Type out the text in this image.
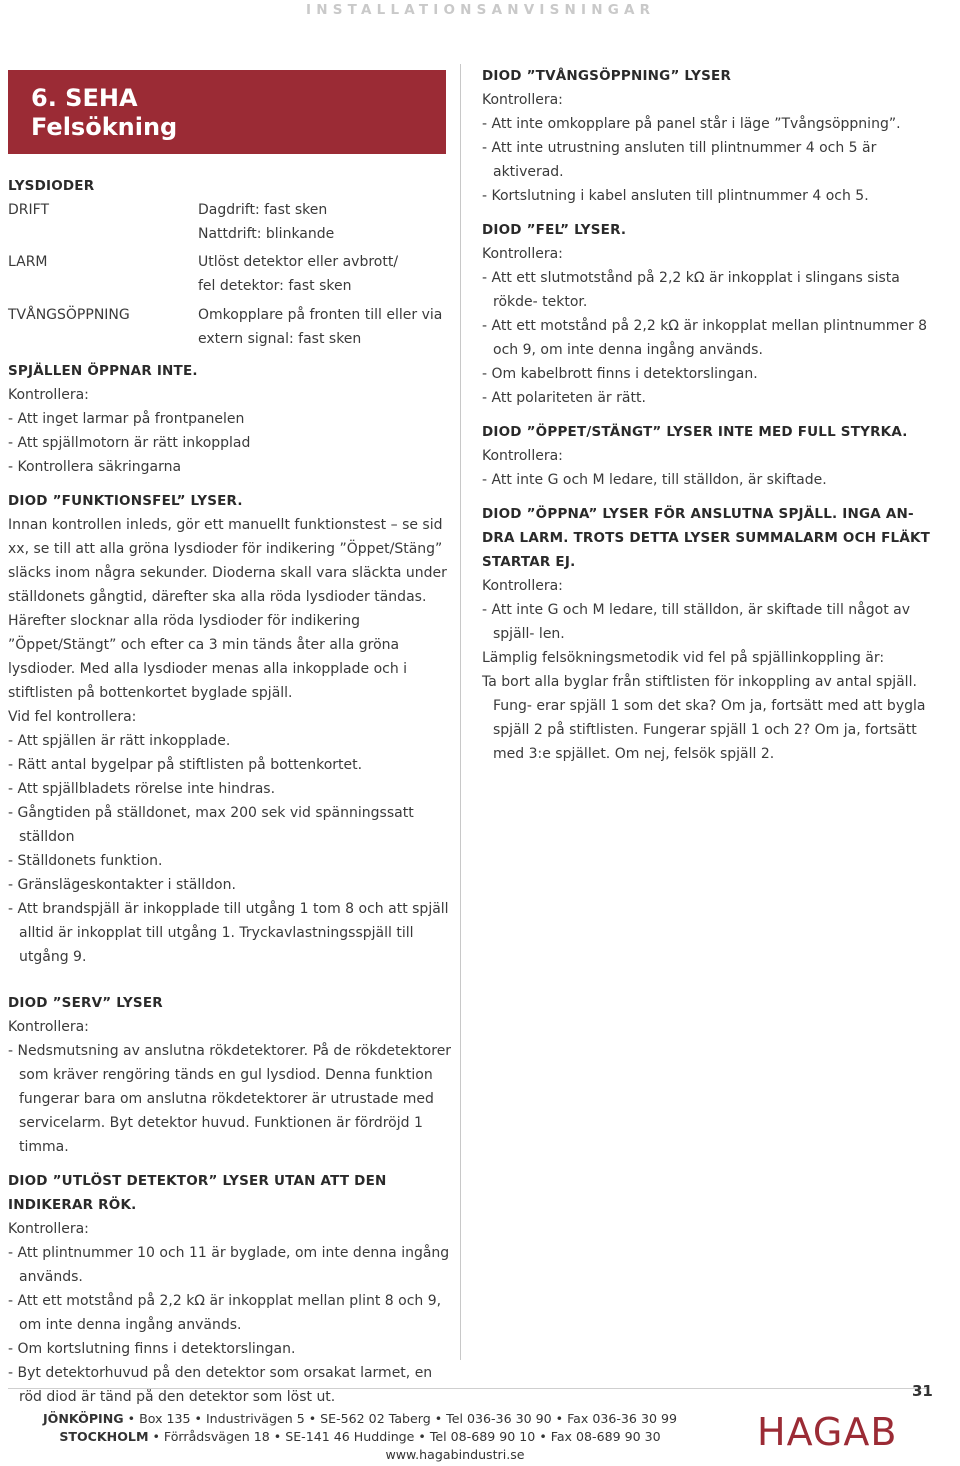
INSTALLATIONSANVISNINGAR
6. SEHA
Felsökning
LYSDIODER
DRIFT	Dagdrift: fast sken
Nattdrift: blinkande
LARM	Utlöst detektor eller avbrott/
fel detektor: fast sken
TVÅNGSÖPPNING	Omkopplare på fronten till eller via
extern signal: fast sken
SPJÄLLEN ÖPPNAR INTE.
Kontrollera:
- Att inget larmar på frontpanelen
- Att spjällmotorn är rätt inkopplad
- Kontrollera säkringarna
DIOD ”FUNKTIONSFEL” LYSER.

Innan kontrollen inleds, gör ett manuellt funktionstest – se sid xx, se till att alla gröna lysdioder för indikering ”Öppet/Stäng” släcks inom några sekunder. Dioderna skall vara släckta under ställdonets gångtid, därefter ska alla röda lysdioder tändas. Härefter slocknar alla röda lysdioder för indikering ”Öppet/Stängt” och efter ca 3 min tänds åter alla gröna lysdioder. Med alla lysdioder menas alla inkopplade och i stiftlisten på bottenkortet byglade spjäll.

Vid fel kontrollera:
- Att spjällen är rätt inkopplade.
- Rätt antal bygelpar på stiftlisten på bottenkortet.
- Att spjällbladets rörelse inte hindras.
- Gångtiden på ställdonet, max 200 sek vid spänningssatt ställdon
- Ställdonets funktion.
- Gränslägeskontakter i ställdon.
- Att brandspjäll är inkopplade till utgång 1 tom 8 och att spjäll alltid är inkopplat till utgång 1. Tryckavlastningsspjäll till utgång 9.
DIOD ”SERV” LYSER
Kontrollera:
- Nedsmutsning av anslutna rökdetektorer. På de rökdetektorer som kräver rengöring tänds en gul lysdiod. Denna funktion fungerar bara om anslutna rökdetektorer är utrustade med servicelarm. Byt detektor huvud. Funktionen är fördröjd 1 timma.
DIOD ”UTLÖST DETEKTOR” LYSER UTAN ATT DEN INDIKERAR RÖK.
Kontrollera:
- Att plintnummer 10 och 11 är byglade, om inte denna ingång används.
- Att ett motstånd på 2,2 kΩ är inkopplat mellan plint 8 och 9, om inte denna ingång används.
- Om kortslutning finns i detektorslingan.
- Byt detektorhuvud på den detektor som orsakat larmet, en röd diod är tänd på den detektor som löst ut.
DIOD ”TVÅNGSÖPPNING” LYSER
Kontrollera:
- Att inte omkopplare på panel står i läge ”Tvångsöppning”.
- Att inte utrustning ansluten till plintnummer 4 och 5 är aktiverad.
- Kortslutning i kabel ansluten till plintnummer 4 och 5.
DIOD ”FEL” LYSER.
Kontrollera:
- Att ett slutmotstånd på 2,2 kΩ är inkopplat i slingans sista rökde- tektor.
- Att ett motstånd på 2,2 kΩ är inkopplat mellan plintnummer 8 och 9, om inte denna ingång används.
- Om kabelbrott finns i detektorslingan.
- Att polariteten är rätt.
DIOD ”ÖPPET/STÄNGT” LYSER INTE MED FULL STYRKA.
Kontrollera:
- Att inte G och M ledare, till ställdon, är skiftade.
DIOD ”ÖPPNA” LYSER FÖR ANSLUTNA SPJÄLL. INGA AN- DRA LARM. TROTS DETTA LYSER SUMMALARM OCH FLÄKT STARTAR EJ.
Kontrollera:
- Att inte G och M ledare, till ställdon, är skiftade till något av spjäll- len.
Lämplig felsökningsmetodik vid fel på spjällinkoppling är:
Ta bort alla byglar från stiftlisten för inkoppling av antal spjäll. Fung- erar spjäll 1 som det ska? Om ja, fortsätt med att bygla spjäll 2 på stiftlisten. Fungerar spjäll 1 och 2? Om ja, fortsätt med 3:e spjället. Om nej, felsök spjäll 2.
31
JÖNKÖPING • Box 135 • Industrivägen 5 • SE-562 02 Taberg • Tel 036-36 30 90 • Fax 036-36 30 99
STOCKHOLM • Förrådsvägen 18 • SE-141 46 Huddinge • Tel 08-689 90 10 • Fax 08-689 90 30
www.hagabindustri.se
HAGAB
